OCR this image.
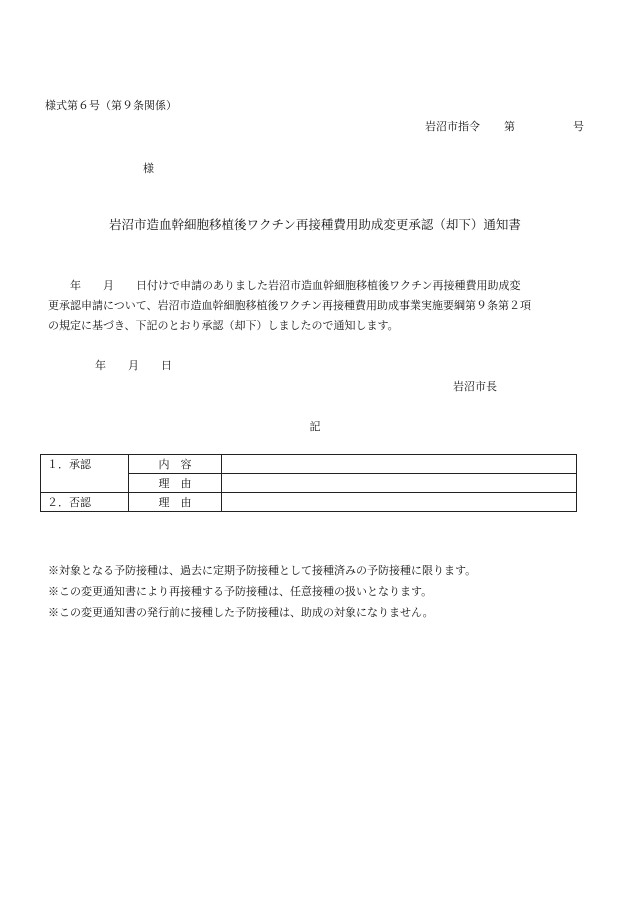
様式第６号（第９条関係）
岩沼市指令 第	号
様
岩沼市造血幹細胞移植後ワクチン再接種費用助成変更承認（却下）通知書

　　年　　月　　日付けで申請のありました岩沼市造血幹細胞移植後ワクチン再接種費用助成変

更承認申請について、岩沼市造血幹細胞移植後ワクチン再接種費用助成事業実施要綱第９条第２項

の規定に基づき、下記のとおり承認（却下）しましたので通知します。

年 月 日
岩沼市長
記
１．承認	内　容	
	理　由	
２．否認	理　由	
※対象となる予防接種は、過去に定期予防接種として接種済みの予防接種に限ります。
※この変更通知書により再接種する予防接種は、任意接種の扱いとなります。
※この変更通知書の発行前に接種した予防接種は、助成の対象になりません。
